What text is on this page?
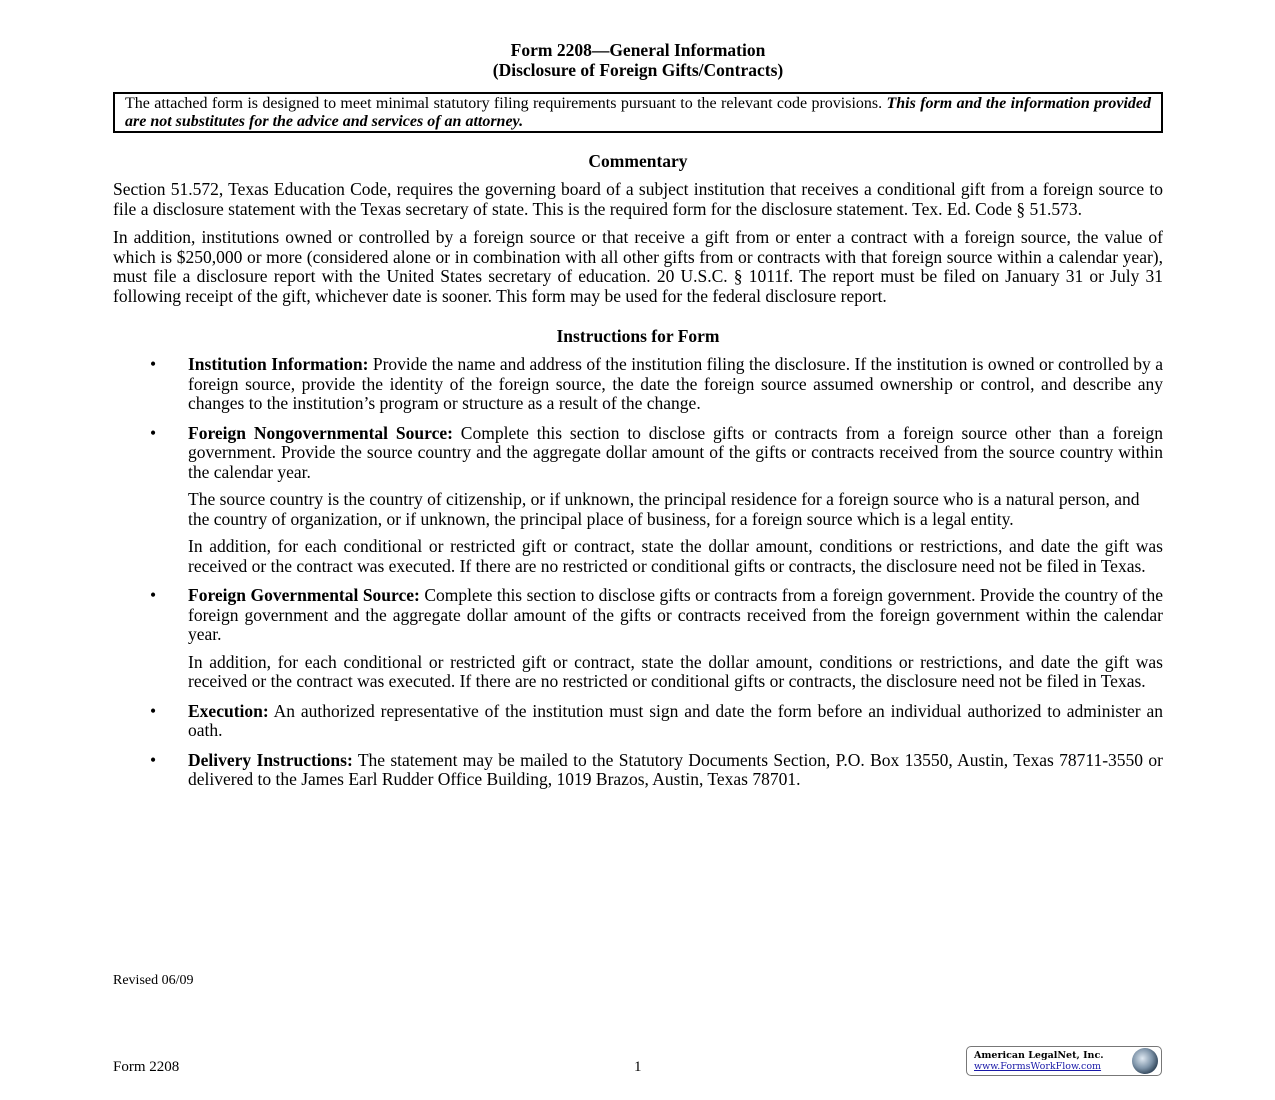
Form 2208—General Information
(Disclosure of Foreign Gifts/Contracts)
The attached form is designed to meet minimal statutory filing requirements pursuant to the relevant code provisions. This form and the information provided are not substitutes for the advice and services of an attorney.
Commentary

Section 51.572, Texas Education Code, requires the governing board of a subject institution that receives a conditional gift from a foreign source to file a disclosure statement with the Texas secretary of state. This is the required form for the disclosure statement. Tex. Ed. Code § 51.573.

In addition, institutions owned or controlled by a foreign source or that receive a gift from or enter a contract with a foreign source, the value of which is $250,000 or more (considered alone or in combination with all other gifts from or contracts with that foreign source within a calendar year), must file a disclosure report with the United States secretary of education. 20 U.S.C. § 1011f. The report must be filed on January 31 or July 31 following receipt of the gift, whichever date is sooner. This form may be used for the federal disclosure report.

Instructions for Form
• Institution Information: Provide the name and address of the institution filing the disclosure. If the institution is owned or controlled by a foreign source, provide the identity of the foreign source, the date the foreign source assumed ownership or control, and describe any changes to the institution’s program or structure as a result of the change.

• Foreign Nongovernmental Source: Complete this section to disclose gifts or contracts from a foreign source other than a foreign government. Provide the source country and the aggregate dollar amount of the gifts or contracts received from the source country within the calendar year.

The source country is the country of citizenship, or if unknown, the principal residence for a foreign source who is a natural person, and the country of organization, or if unknown, the principal place of business, for a foreign source which is a legal entity.

In addition, for each conditional or restricted gift or contract, state the dollar amount, conditions or restrictions, and date the gift was received or the contract was executed. If there are no restricted or conditional gifts or contracts, the disclosure need not be filed in Texas.

• Foreign Governmental Source: Complete this section to disclose gifts or contracts from a foreign government. Provide the country of the foreign government and the aggregate dollar amount of the gifts or contracts received from the foreign government within the calendar year.

In addition, for each conditional or restricted gift or contract, state the dollar amount, conditions or restrictions, and date the gift was received or the contract was executed. If there are no restricted or conditional gifts or contracts, the disclosure need not be filed in Texas.

• Execution: An authorized representative of the institution must sign and date the form before an individual authorized to administer an oath.

• Delivery Instructions: The statement may be mailed to the Statutory Documents Section, P.O. Box 13550, Austin, Texas 78711-3550 or delivered to the James Earl Rudder Office Building, 1019 Brazos, Austin, Texas 78701.

Revised 06/09
Form 2208	1
American LegalNet, Inc.
www.FormsWorkFlow.com
